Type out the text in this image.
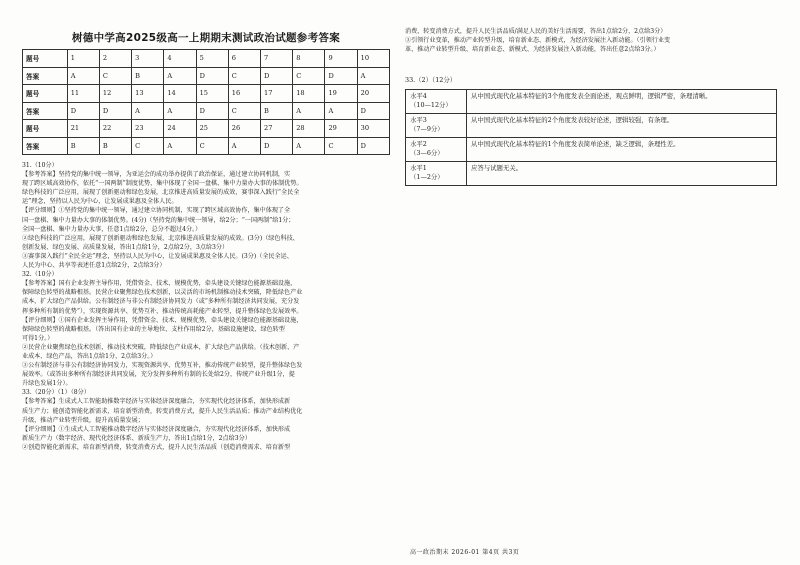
树德中学高2025级高一上期期末测试政治试题参考答案
题号	1	2	3	4	5	6	7	8	9	10
答案	A	C	B	A	D	C	D	C	D	A
题号	11	12	13	14	15	16	17	18	19	20
答案	D	D	A	A	D	C	B	A	A	D
题号	21	22	23	24	25	26	27	28	29	30
答案	B	B	C	A	C	A	D	A	C	D

31.（10分）

【参考答案】坚持党的集中统一领导，为亚运会的成功举办提供了政治保证，通过建立协同机制，实

现了跨区域高效协作，依托“一国两制”制度优势，集中体现了全国一盘棋、集中力量办大事的体制优势。

绿色科技的广泛应用，展现了创新驱动和绿色发展，北京推进高质量发展的成效，赛事深入践行“全民全

运”理念，坚持以人民为中心，让发展成果惠及全体人民。

【评分细则】①坚持党的集中统一领导，通过建立协同机制，实现了跨区域高效协作，集中体现了全

国一盘棋、集中力量办大事的体制优势。(4分)（坚持党的集中统一领导，给2分；“一国两制”给1分；

全国一盘棋、集中力量办大事，任意1点给2分，总分不超过4分。）

②绿色科技的广泛应用，展现了创新驱动和绿色发展，北京推进高质量发展的成效。(3分)（绿色科技、

创新发展、绿色发展、高质量发展，答出1点给1分，2点给2分，3点给3分）

③赛事深入践行“全民全运”理念，坚持以人民为中心，让发展成果惠及全体人民。(3分)（全民全运、

人民为中心、共享等表述任意1点给2分，2点给3分）

32.（10分）

【参考答案】国有企业发挥主导作用，凭借资金、技术、规模优势，牵头建设关键绿色能源基础设施，

保障绿色转型的战略根基。民营企业聚焦绿色技术创新，以灵活的市场机制推动技术突破，降低绿色产业

成本，扩大绿色产品供给。公有制经济与非公有制经济协同发力（或“多种所有制经济共同发展，充分发

挥多种所有制的优势”），实现资源共享、优势互补，推动传统高耗能产业转型，提升整体绿色发展效率。

【评分细则】①国有企业发挥主导作用，凭借资金、技术、规模优势，牵头建设关键绿色能源基础设施，

保障绿色转型的战略根基。（答出国有企业的主导地位、支柱作用给2分，基础设施建设、绿色转型

可得1分。）

②民营企业聚焦绿色技术创新，推动技术突破，降低绿色产业成本，扩大绿色产品供给。（技术创新、产

业成本、绿色产品，答出1点给1分，2点给3分。）

③公有制经济与非公有制经济协同发力，实现资源共享、优势互补，推动传统产业转型，提升整体绿色发

展效率。（或答出多种所有制经济共同发展，充分发挥多种所有制的长处给2分，传统产业升级1分，提

升绿色发展1分）。

33.（20分）（1）（8分）

【参考答案】生成式人工智能助推数字经济与实体经济深度融合，夯实现代化经济体系，加快形成新

质生产力；能创造智能化新需求，培育新型消费，转变消费方式，提升人民生活品质；推动产业结构优化

升级，推动产业转型升级，提升高质量发展；

【评分细则】①生成式人工智能推动数字经济与实体经济深度融合，夯实现代化经济体系，加快形成

新质生产力（数字经济、现代化经济体系、新质生产力，答出1点给1分，2点给3分）

②创造智能化新需求，培育新型消费，转变消费方式，提升人民生活品质（创造消费需求、培育新型

消费、转变消费方式，提升人民生活品质/满足人民的美好生活需要，答出1点给2分，2点给3分）

③引领行业变革，推动产业转型升级，培育新业态、新模式，为经济发展注入新动能。（引领行业变

革、推动产业转型升级、培育新业态、新模式、为经济发展注入新动能，答出任意2点给3分。）

33.（2）（12分）
水平4
（10—12分）	从中国式现代化基本特征的3个角度发表全面论述，观点鲜明，逻辑严密，条理清晰。

水平3
（7—9分）	从中国式现代化基本特征的2个角度发表较好论述，逻辑较强，有条理。

水平2
（3—6分）	从中国式现代化基本特征的1个角度发表简单论述，缺乏逻辑，条理性差。

水平1
（1—2分）	应答与试题无关。
高一政治期末 2026-01 第4页 共3页
